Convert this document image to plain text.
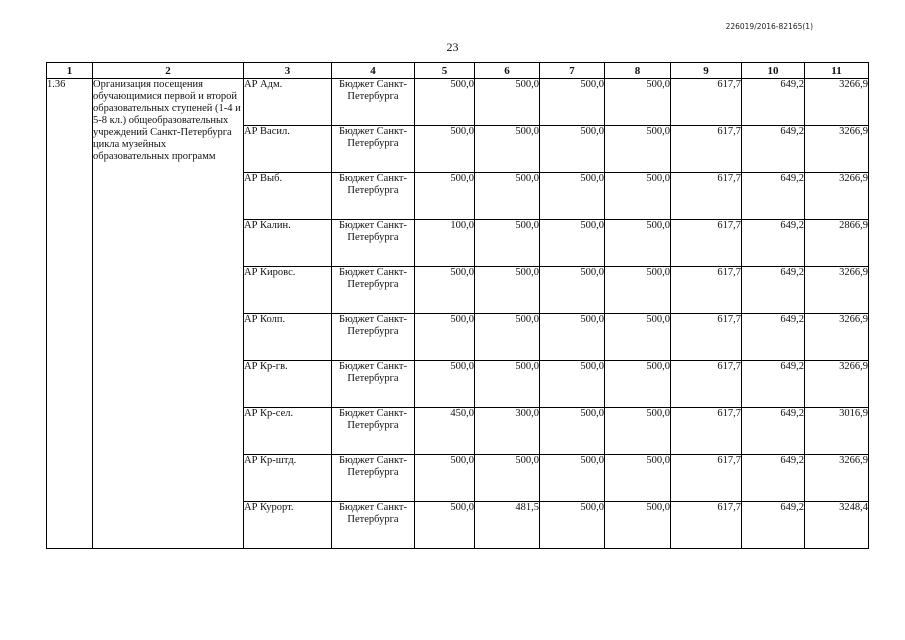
226019/2016-82165(1)
23
1	2	3	4	5	6	7	8	9	10	11
1.36	Организация посещения обучающимися первой и второй образовательных ступеней (1-4 и 5-8 кл.) общеобразовательных учреждений Санкт-Петербурга цикла музейных образовательных программ	АР Адм.	Бюджет Санкт-Петербурга	500,0	500,0	500,0	500,0	617,7	649,2	3266,9
		АР Васил.	Бюджет Санкт-Петербурга	500,0	500,0	500,0	500,0	617,7	649,2	3266,9
		АР Выб.	Бюджет Санкт-Петербурга	500,0	500,0	500,0	500,0	617,7	649,2	3266,9
		АР Калин.	Бюджет Санкт-Петербурга	100,0	500,0	500,0	500,0	617,7	649,2	2866,9
		АР Кировс.	Бюджет Санкт-Петербурга	500,0	500,0	500,0	500,0	617,7	649,2	3266,9
		АР Колп.	Бюджет Санкт-Петербурга	500,0	500,0	500,0	500,0	617,7	649,2	3266,9
		АР Кр-гв.	Бюджет Санкт-Петербурга	500,0	500,0	500,0	500,0	617,7	649,2	3266,9
		АР Кр-сел.	Бюджет Санкт-Петербурга	450,0	300,0	500,0	500,0	617,7	649,2	3016,9
		АР Кр-штд.	Бюджет Санкт-Петербурга	500,0	500,0	500,0	500,0	617,7	649,2	3266,9
		АР Курорт.	Бюджет Санкт-Петербурга	500,0	481,5	500,0	500,0	617,7	649,2	3248,4
